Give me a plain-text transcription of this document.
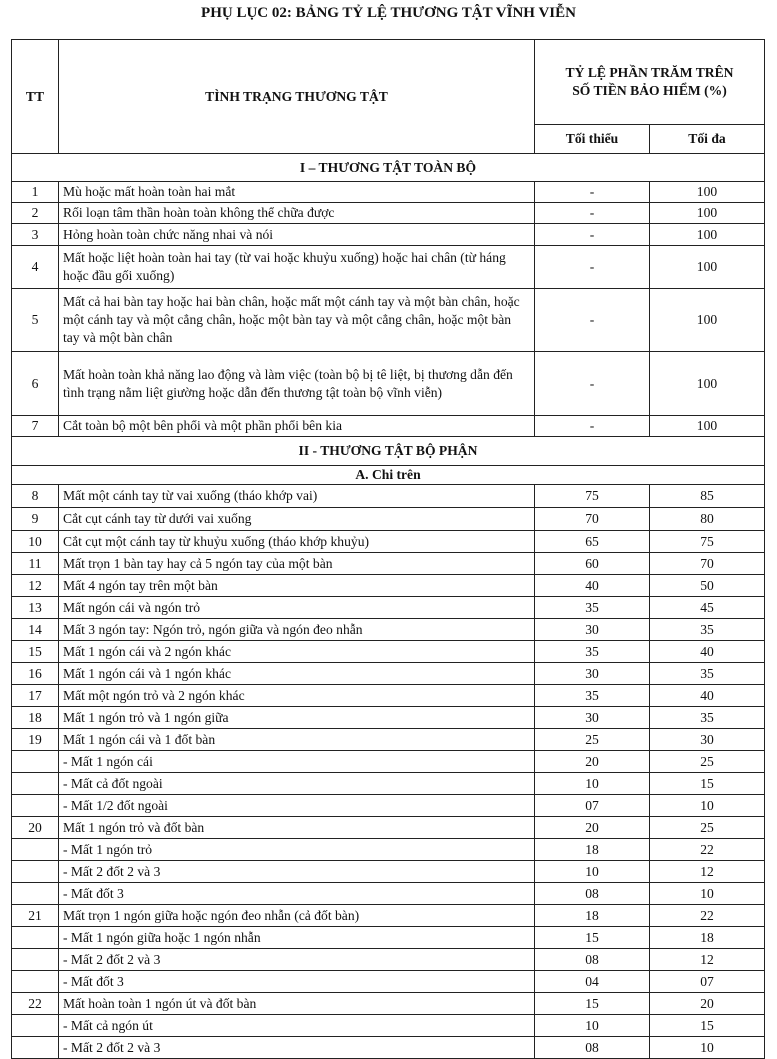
PHỤ LỤC 02: BẢNG TỶ LỆ THƯƠNG TẬT VĨNH VIỄN
TT	TÌNH TRẠNG THƯƠNG TẬT	TỶ LỆ PHẦN TRĂM TRÊN
SỐ TIỀN BẢO HIỂM (%)	

		Tối thiểu	Tối đa
I – THƯƠNG TẬT TOÀN BỘ			
1	Mù hoặc mất hoàn toàn hai mắt	-	100
2	Rối loạn tâm thần hoàn toàn không thể chữa được	-	100
3	Hỏng hoàn toàn chức năng nhai và nói	-	100
4	Mất hoặc liệt hoàn toàn hai tay (từ vai hoặc khuỷu xuống) hoặc hai chân (từ háng hoặc đầu gối xuống)	-	100
5	Mất cả hai bàn tay hoặc hai bàn chân, hoặc mất một cánh tay và một bàn chân, hoặc một cánh tay và một cẳng chân, hoặc một bàn tay và một cẳng chân, hoặc một bàn tay và một bàn chân	-	100
6	Mất hoàn toàn khả năng lao động và làm việc (toàn bộ bị tê liệt, bị thương dẫn đến tình trạng nằm liệt giường hoặc dẫn đến thương tật toàn bộ vĩnh viễn)	-	100
7	Cắt toàn bộ một bên phổi và một phần phổi bên kia	-	100
II - THƯƠNG TẬT BỘ PHẬN			
A. Chi trên			
8	Mất một cánh tay từ vai xuống (tháo khớp vai)	75	85
9	Cắt cụt cánh tay từ dưới vai xuống	70	80
10	Cắt cụt một cánh tay từ khuỷu xuống (tháo khớp khuỷu)	65	75
11	Mất trọn 1 bàn tay hay cả 5 ngón tay của một bàn	60	70
12	Mất 4 ngón tay trên một bàn	40	50
13	Mất ngón cái và ngón trỏ	35	45
14	Mất 3 ngón tay: Ngón trỏ, ngón giữa và ngón đeo nhẫn	30	35
15	Mất 1 ngón cái và 2 ngón khác	35	40
16	Mất 1 ngón cái và 1 ngón khác	30	35
17	Mất một ngón trỏ và 2 ngón khác	35	40
18	Mất 1 ngón trỏ và 1 ngón giữa	30	35
19	Mất 1 ngón cái và 1 đốt bàn	25	30
	- Mất 1 ngón cái	20	25
	- Mất cả đốt ngoài	10	15
	- Mất 1/2 đốt ngoài	07	10
20	Mất 1 ngón trỏ và đốt bàn	20	25
	- Mất 1 ngón trỏ	18	22
	- Mất 2 đốt 2 và 3	10	12
	- Mất đốt 3	08	10
21	Mất trọn 1 ngón giữa hoặc ngón đeo nhẫn (cả đốt bàn)	18	22
	- Mất 1 ngón giữa hoặc 1 ngón nhẫn	15	18
	- Mất 2 đốt 2 và 3	08	12
	- Mất đốt 3	04	07
22	Mất hoàn toàn 1 ngón út và đốt bàn	15	20
	- Mất cả ngón út	10	15
	- Mất 2 đốt 2 và 3	08	10
